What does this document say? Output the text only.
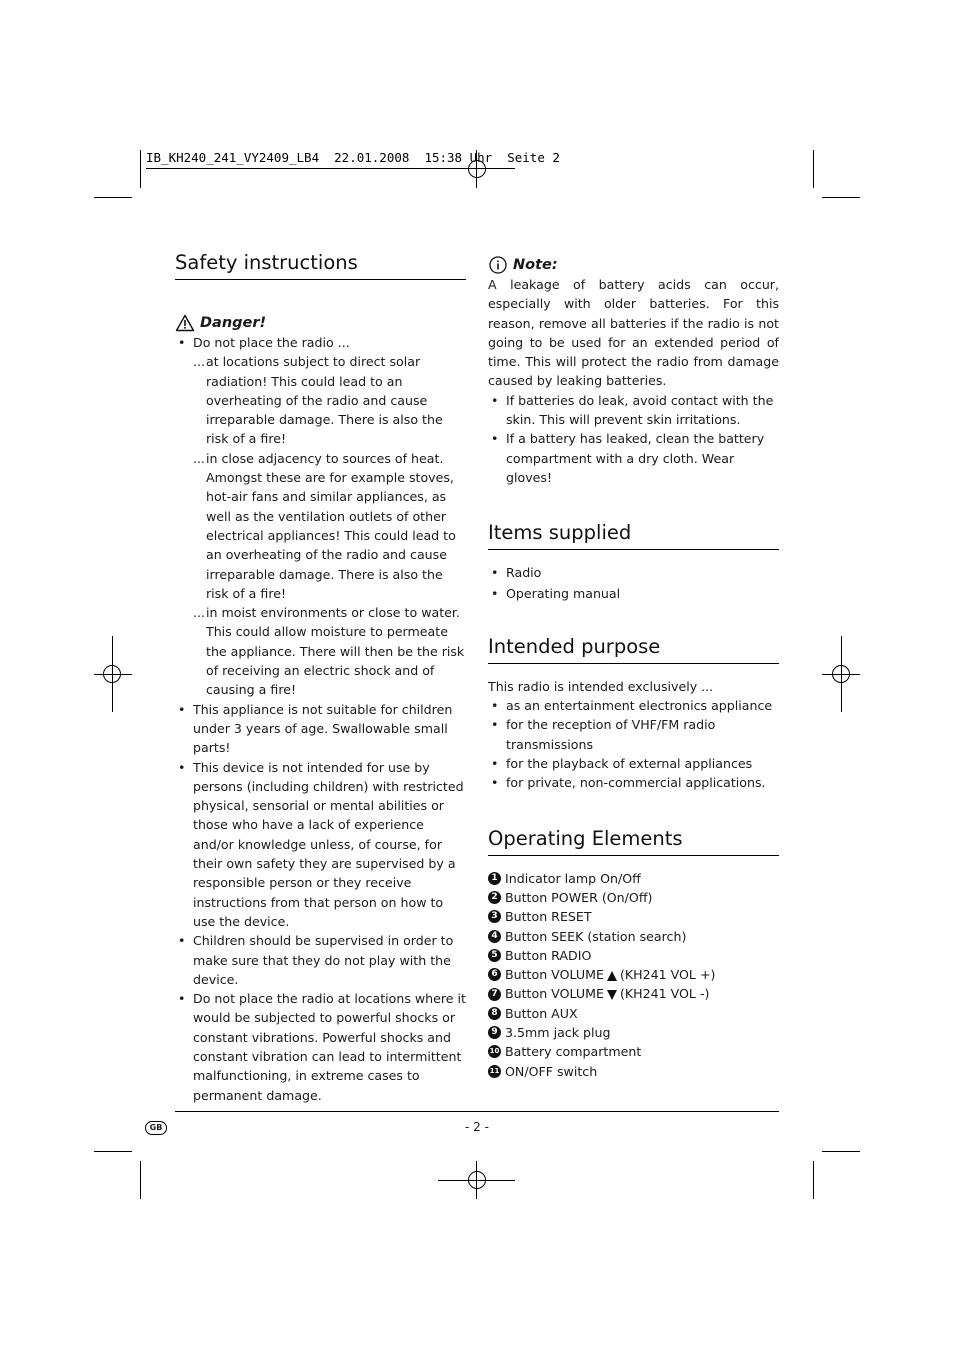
IB_KH240_241_VY2409_LB4  22.01.2008  15:38 Uhr  Seite 2
Safety instructions
Danger!
• Do not place the radio ...
... at locations subject to direct solar radiation! This could lead to an overheating of the radio and cause irreparable damage. There is also the risk of a fire!
... in close adjacency to sources of heat. Amongst these are for example stoves, hot-air fans and similar appliances, as well as the ventilation outlets of other electrical appliances! This could lead to an overheating of the radio and cause irreparable damage. There is also the risk of a fire!
... in moist environments or close to water. This could allow moisture to permeate the appliance. There will then be the risk of receiving an electric shock and of causing a fire!
• This appliance is not suitable for children under 3 years of age. Swallowable small parts!
• This device is not intended for use by persons (including children) with restricted physical, sensorial or mental abilities or those who have a lack of experience and/or knowledge unless, of course, for their own safety they are supervised by a responsible person or they receive instructions from that person on how to use the device.
• Children should be supervised in order to make sure that they do not play with the device.
• Do not place the radio at locations where it would be subjected to powerful shocks or constant vibrations. Powerful shocks and constant vibration can lead to intermittent malfunctioning, in extreme cases to permanent damage.
Note:

A leakage of battery acids can occur, especially with older batteries. For this reason, remove all batteries if the radio is not going to be used for an extended period of time. This will protect the radio from damage caused by leaking batteries.

• If batteries do leak, avoid contact with the skin. This will prevent skin irritations.
• If a battery has leaked, clean the battery compartment with a dry cloth. Wear gloves!
Items supplied
• Radio
• Operating manual
Intended purpose

This radio is intended exclusively ...

• as an entertainment electronics appliance
• for the reception of VHF/FM radio transmissions
• for the playback of external appliances
• for private, non-commercial applications.
Operating Elements
1 Indicator lamp On/Off
2 Button POWER (On/Off)
3 Button RESET
4 Button SEEK (station search)
5 Button RADIO
6 Button VOLUME (KH241 VOL +)
7 Button VOLUME (KH241 VOL -)
8 Button AUX
9 3.5mm jack plug
10 Battery compartment
11 ON/OFF switch
GB	- 2 -
